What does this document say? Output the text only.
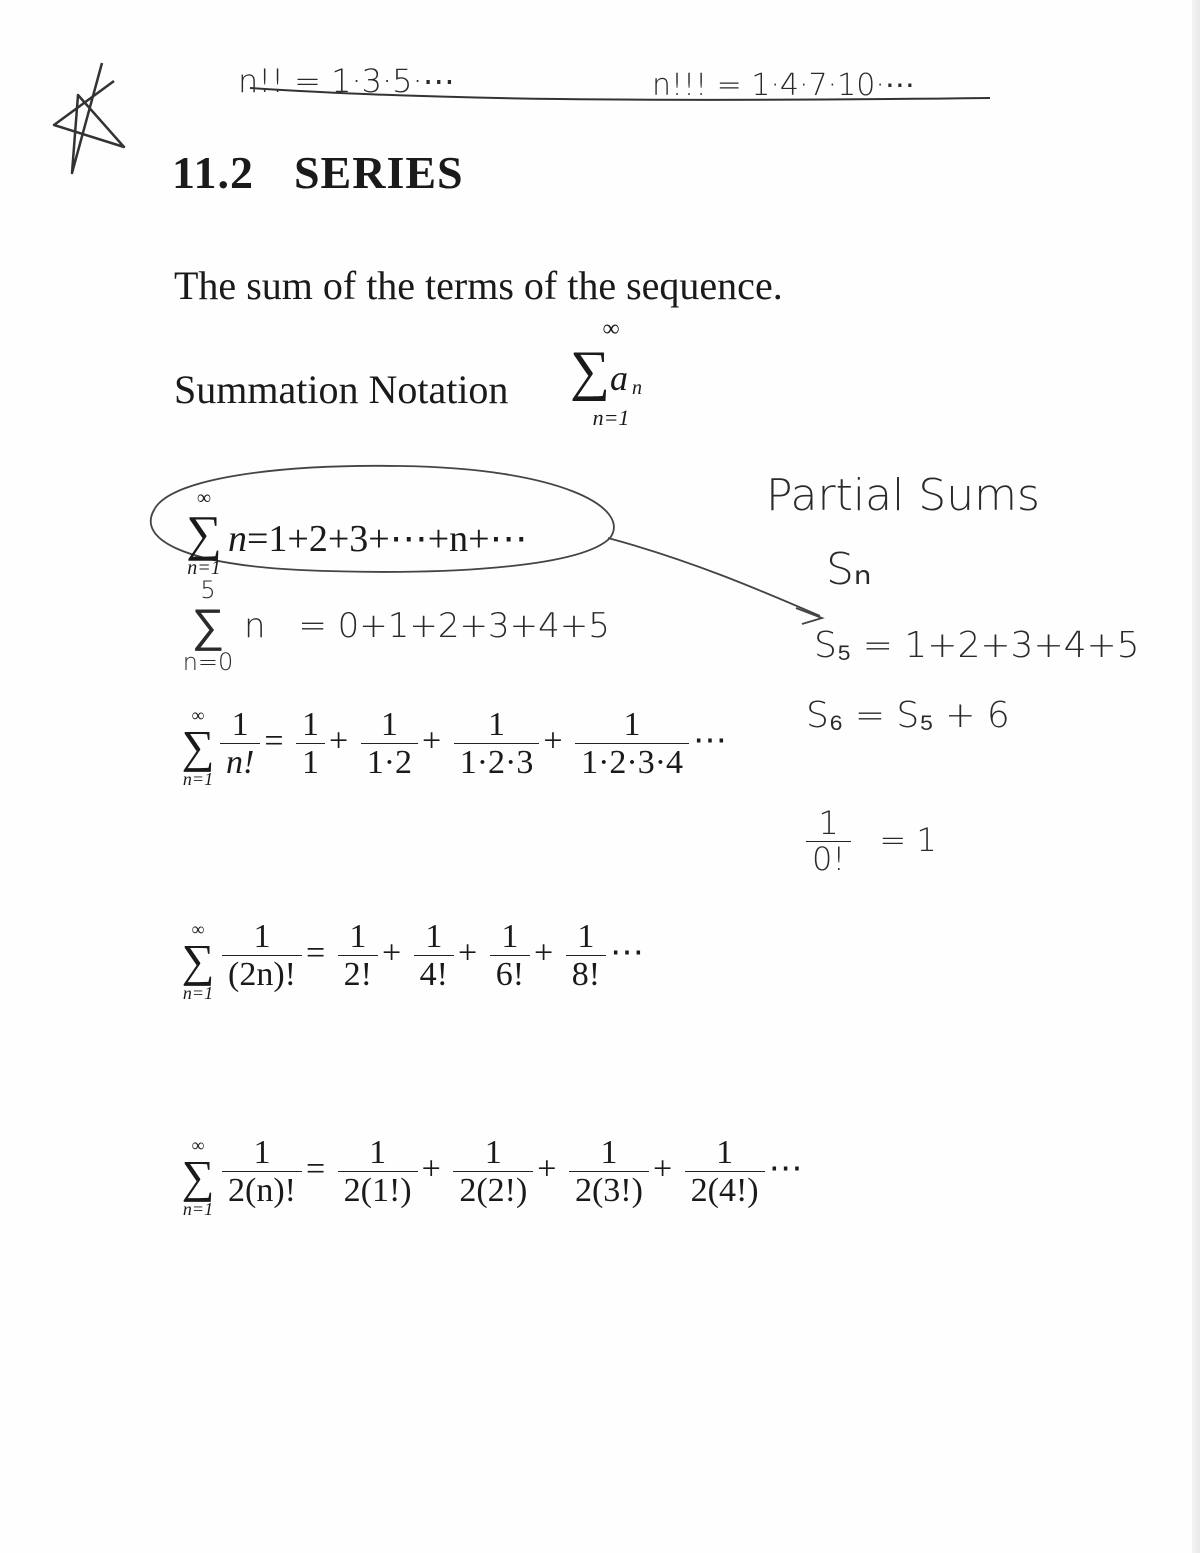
n!! = 1·3·5·⋯	n!!! = 1·4·7·10·⋯
11.2 SERIES
The sum of the terms of the sequence.
Summation Notation
∞
∑ a n
n=1
∞
∑
n=1
n=1+2+3+⋯+n+⋯
5
∑
n=0
n = 0+1+2+3+4+5
∞
∑
$n=1 \frac{1}{n!} = \frac{1}{1} + \frac{1}{1\cdot 2} + \frac{1}{1\cdot 2\cdot 3} + \frac{1}{1\cdot 2\cdot 3\cdot 4}$ ⋯
∞
∑
$n=1 \frac{1}{(2n)!} = \frac{1}{2!} + \frac{1}{4!} + \frac{1}{6!} + \frac{1}{8!}$ ⋯
∞
∑
$n=1 \frac{1}{2(n)!} = \frac{1}{2(1!)} + \frac{1}{2(2!)} + \frac{1}{2(3!)} + \frac{1}{2(4!)}$ ⋯
Partial Sums
Sₙ
S₅ = 1+2+3+4+5
S₆ = S₅ + 6
$\frac{1}{0!} = 1$
